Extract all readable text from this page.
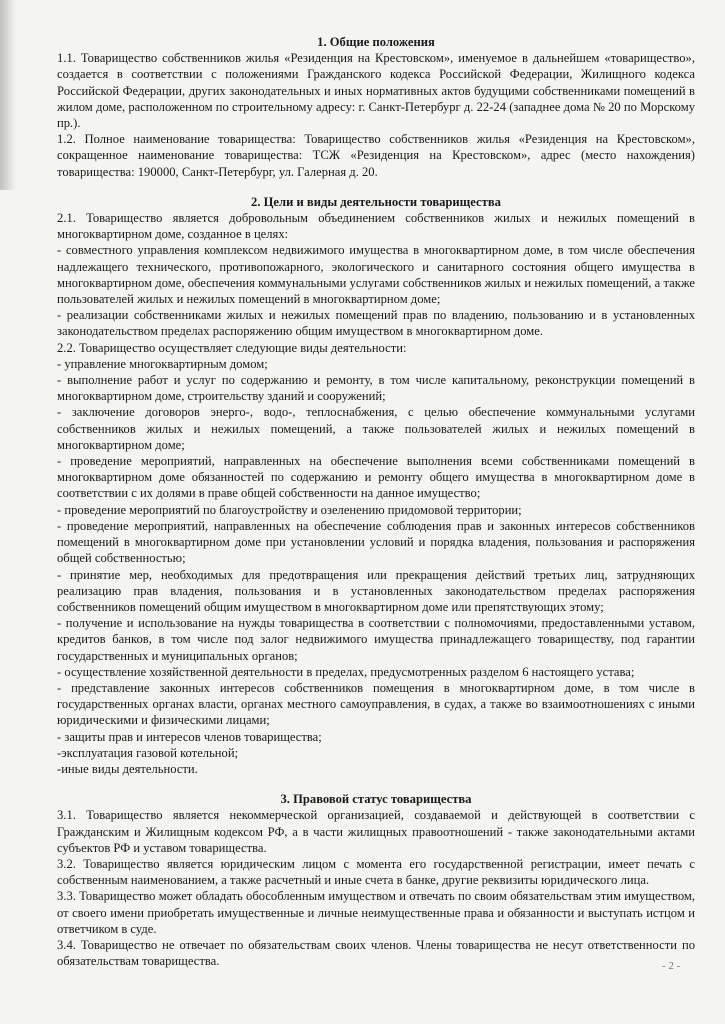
1. Общие положения

1.1. Товарищество собственников жилья «Резиденция на Крестовском», именуемое в дальнейшем «товарищество», создается в соответствии с положениями Гражданского кодекса Российской Федерации, Жилищного кодекса Российской Федерации, других законодательных и иных нормативных актов будущими собственниками помещений в жилом доме, расположенном по строительному адресу: г. Санкт-Петербург д. 22-24 (западнее дома № 20 по Морскому пр.).

1.2. Полное наименование товарищества: Товарищество собственников жилья «Резиденция на Крестовском», сокращенное наименование товарищества: ТСЖ «Резиденция на Крестовском», адрес (место нахождения) товарищества: 190000, Санкт-Петербург, ул. Галерная д. 20.

2. Цели и виды деятельности товарищества

2.1. Товарищество является добровольным объединением собственников жилых и нежилых помещений в многоквартирном доме, созданное в целях:

- совместного управления комплексом недвижимого имущества в многоквартирном доме, в том числе обеспечения надлежащего технического, противопожарного, экологического и санитарного состояния общего имущества в многоквартирном доме, обеспечения коммунальными услугами собственников жилых и нежилых помещений, а также пользователей жилых и нежилых помещений в многоквартирном доме;

- реализации собственниками жилых и нежилых помещений прав по владению, пользованию и в установленных законодательством пределах распоряжению общим имуществом в многоквартирном доме.

2.2. Товарищество осуществляет следующие виды деятельности:

- управление многоквартирным домом;

- выполнение работ и услуг по содержанию и ремонту, в том числе капитальному, реконструкции помещений в многоквартирном доме, строительству зданий и сооружений;

- заключение договоров энерго-, водо-, теплоснабжения, с целью обеспечение коммунальными услугами собственников жилых и нежилых помещений, а также пользователей жилых и нежилых помещений в многоквартирном доме;

- проведение мероприятий, направленных на обеспечение выполнения всеми собственниками помещений в многоквартирном доме обязанностей по содержанию и ремонту общего имущества в многоквартирном доме в соответствии с их долями в праве общей собственности на данное имущество;

- проведение мероприятий по благоустройству и озеленению придомовой территории;

- проведение мероприятий, направленных на обеспечение соблюдения прав и законных интересов собственников помещений в многоквартирном доме при установлении условий и порядка владения, пользования и распоряжения общей собственностью;

- принятие мер, необходимых для предотвращения или прекращения действий третьих лиц, затрудняющих реализацию прав владения, пользования и в установленных законодательством пределах распоряжения собственников помещений общим имуществом в многоквартирном доме или препятствующих этому;

- получение и использование на нужды товарищества в соответствии с полномочиями, предоставленными уставом, кредитов банков, в том числе под залог недвижимого имущества принадлежащего товариществу, под гарантии государственных и муниципальных органов;

- осуществление хозяйственной деятельности в пределах, предусмотренных разделом 6 настоящего устава;

- представление законных интересов собственников помещения в многоквартирном доме, в том числе в государственных органах власти, органах местного самоуправления, в судах, а также во взаимоотношениях с иными юридическими и физическими лицами;

- защиты прав и интересов членов товарищества;

-эксплуатация газовой котельной;

-иные виды деятельности.

3. Правовой статус товарищества

3.1. Товарищество является некоммерческой организацией, создаваемой и действующей в соответствии с Гражданским и Жилищным кодексом РФ, а в части жилищных правоотношений - также законодательными актами субъектов РФ и уставом товарищества.

3.2. Товарищество является юридическим лицом с момента его государственной регистрации, имеет печать с собственным наименованием, а также расчетный и иные счета в банке, другие реквизиты юридического лица.

3.3. Товарищество может обладать обособленным имуществом и отвечать по своим обязательствам этим имуществом, от своего имени приобретать имущественные и личные неимущественные права и обязанности и выступать истцом и ответчиком в суде.

3.4. Товарищество не отвечает по обязательствам своих членов. Члены товарищества не несут ответственности по обязательствам товарищества.	- 2 -
